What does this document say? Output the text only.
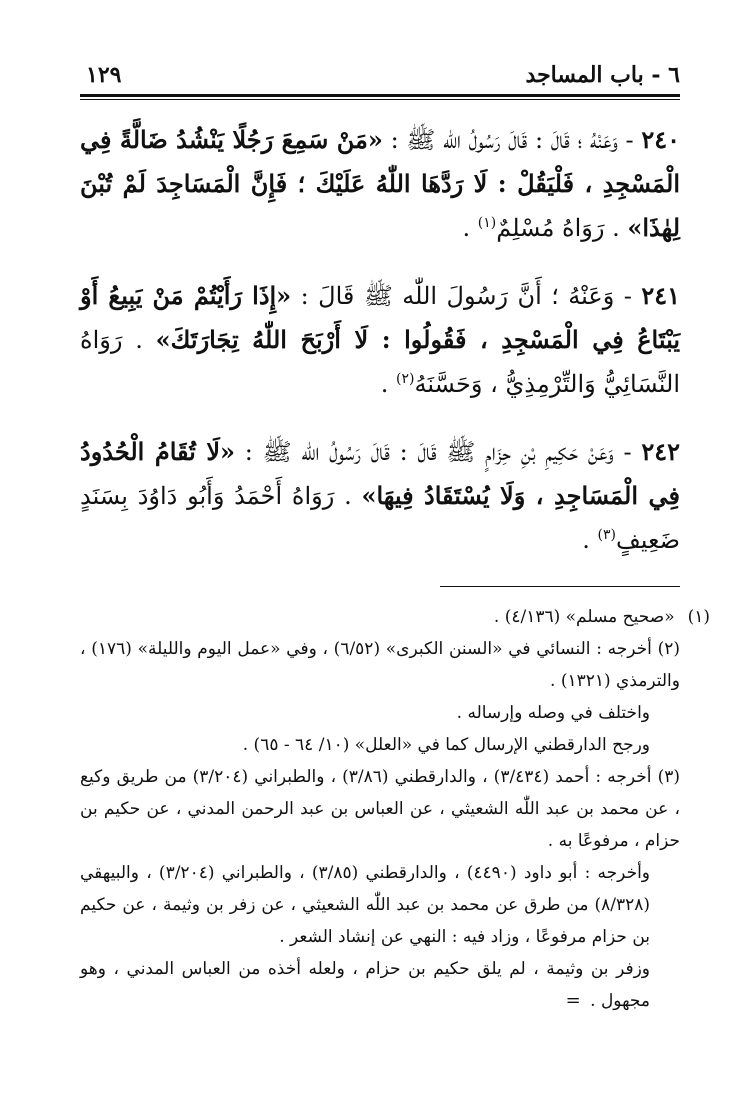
٦ - باب المساجد
١٢٩

٢٤٠ - وَعَنْهُ ؛ قَالَ : قَالَ رَسُولُ اللّٰه ﷺ : «مَنْ سَمِعَ رَجُلًا يَنْشُدُ ضَالَّةً فِي الْمَسْجِدِ ، فَلْيَقُلْ : لَا رَدَّهَا اللّٰهُ عَلَيْكَ ؛ فَإِنَّ الْمَسَاجِدَ لَمْ تُبْنَ لِهٰذَا» . رَوَاهُ مُسْلِمٌ$^{(١)}$ .

٢٤١ - وَعَنْهُ ؛ أَنَّ رَسُولَ اللّٰه ﷺ قَالَ : «إِذَا رَأَيْتُمْ مَنْ يَبِيعُ أَوْ يَبْتَاعُ فِي الْمَسْجِدِ ، فَقُولُوا : لَا أَرْبَحَ اللّٰهُ تِجَارَتَكَ» . رَوَاهُ النَّسَائِيُّ وَالتِّرْمِذِيُّ ، وَحَسَّنَهُ$^{(٢)}$ .

٢٤٢ - وَعَنْ حَكِيمِ بْنِ حِزَامٍ ﷺ قَالَ : قَالَ رَسُولُ اللّٰه ﷺ : «لَا تُقَامُ الْحُدُودُ فِي الْمَسَاجِدِ ، وَلَا يُسْتَقَادُ فِيهَا» . رَوَاهُ أَحْمَدُ وَأَبُو دَاوُدَ بِسَنَدٍ ضَعِيفٍ$^{(٣)}$ .

(١) «صحيح مسلم» (٤/١٣٦) .

(٢) أخرجه : النسائي في «السنن الكبرى» (٦/٥٢) ، وفي «عمل اليوم والليلة» (١٧٦) ، والترمذي (١٣٢١) .

واختلف في وصله وإرساله .

ورجح الدارقطني الإرسال كما في «العلل» (١٠/ ٦٤ - ٦٥) .

(٣) أخرجه : أحمد (٣/٤٣٤) ، والدارقطني (٣/٨٦) ، والطبراني (٣/٢٠٤) من طريق وكيع ، عن محمد بن عبد اللّٰه الشعيثي ، عن العباس بن عبد الرحمن المدني ، عن حكيم بن حزام ، مرفوعًا به .

وأخرجه : أبو داود (٤٤٩٠) ، والدارقطني (٣/٨٥) ، والطبراني (٣/٢٠٤) ، والبيهقي (٨/٣٢٨) من طرق عن محمد بن عبد اللّٰه الشعيثي ، عن زفر بن وثيمة ، عن حكيم بن حزام مرفوعًا ، وزاد فيه : النهي عن إنشاد الشعر .

وزفر بن وثيمة ، لم يلق حكيم بن حزام ، ولعله أخذه من العباس المدني ، وهو مجهول . =
